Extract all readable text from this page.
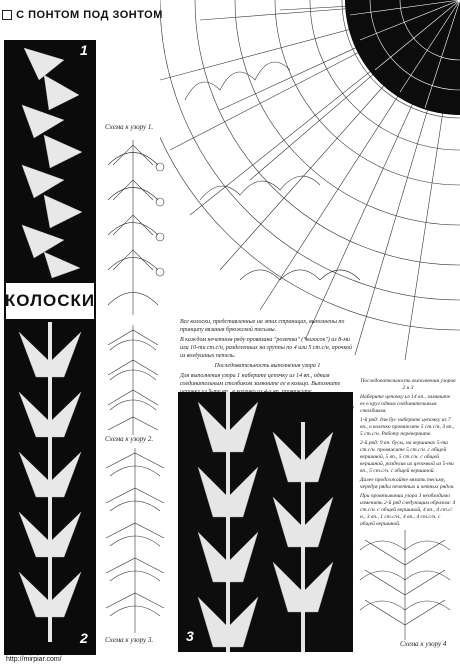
С ПОНТОМ ПОД ЗОНТОМ
1
КОЛОСКИ
2
Схема к узору 1.
Схема к узору 2.
Схема к узору 3.

Все колоски, представленные на этих страницах, выполнены по принципу вязания брюжской тесьмы.

В каждом нечетном ряду провязана "розетка" ("колосок") из 8-ми или 10-ти ст.с/н, разделенных на группы по 4 или 5 ст.с/н, арочкой из воздушных петель.

Последовательность выполнения узора 1

Для выполнения узора 1 наберите цепочку из 14 вп., одним соединительным столбиком замкните ее в кольцо. Выполните	Последовательность выполнения узоров 2 и 3

Наберите цепочку из 14 вп., замкните ее в круг одним соединительным столбиком.

1-й ряд: для бус наберите цепочку из 7 вп., в колечко провяжите 5 ст.с/н, 3 вп., 5 ст.с/н. Работу переверните.

2-й ряд: 9 вп. бусы, на вершинах 5-ти ст.с/н. провяжите 5 ст.с/н. с общей вершиной, 5 вп., 5 ст.с/н. с общей вершиной, разделив их цепочкой из 5-ти вп., 5 ст.с/н. с общей вершиной.

Далее продолжайте вязать тесьму, чередуя ряды нечетных и четных рядов.

При провязывании узора 3 необходимо изменить 2-й ряд следующим образом: 4 ст.с/н. с общей вершиной, 4 вп., 4 ст.с/н., 3 вп., 1 ст.с/н., 4 вп., 4 ст.с/н. с общей вершиной.

3	Схема к узору 4
60
http://mirpiar.com/
